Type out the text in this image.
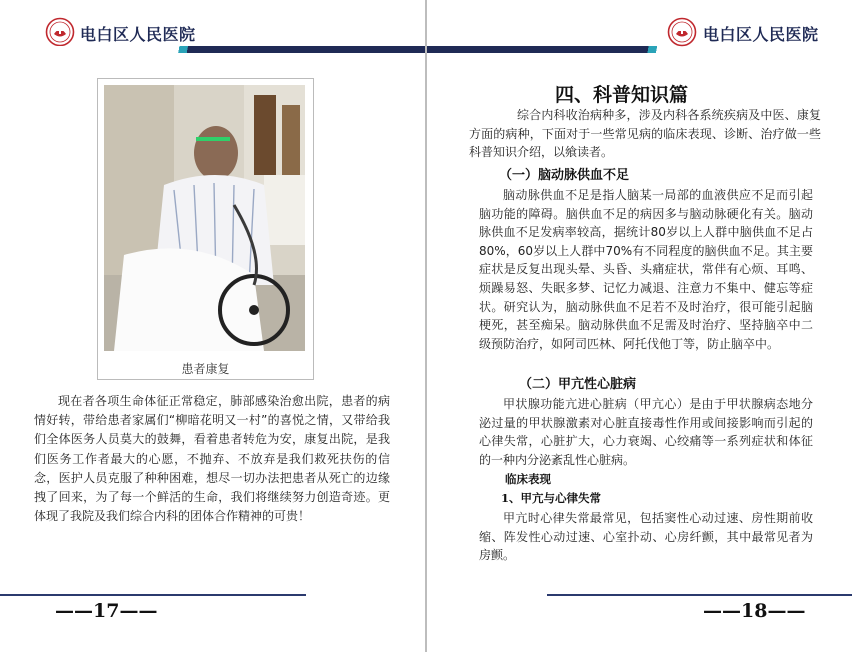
电白区人民医院
患者康复

现在者各项生命体征正常稳定，肺部感染治愈出院，患者的病情好转，带给患者家属们“柳暗花明又一村”的喜悦之情，又带给我们全体医务人员莫大的鼓舞，看着患者转危为安，康复出院，是我们医务工作者最大的心愿，不抛弃、不放弃是我们救死扶伤的信念，医护人员克服了种种困难，想尽一切办法把患者从死亡的边缘拽了回来，为了每一个鲜活的生命，我们将继续努力创造奇迹。更体现了我院及我们综合内科的团体合作精神的可贵！

——17——
电白区人民医院
四、科普知识篇

综合内科收治病种多，涉及内科各系统疾病及中医、康复方面的病种，下面对于一些常见病的临床表现、诊断、治疗做一些科普知识介绍，以飨读者。

（一）脑动脉供血不足

脑动脉供血不足是指人脑某一局部的血液供应不足而引起脑功能的障碍。脑供血不足的病因多与脑动脉硬化有关。脑动脉供血不足发病率较高，据统计80岁以上人群中脑供血不足占80%，60岁以上人群中70%有不同程度的脑供血不足。其主要症状是反复出现头晕、头昏、头痛症状，常伴有心烦、耳鸣、烦躁易怒、失眠多梦、记忆力减退、注意力不集中、健忘等症状。研究认为，脑动脉供血不足若不及时治疗，很可能引起脑梗死，甚至痴呆。脑动脉供血不足需及时治疗、坚持脑卒中二级预防治疗，如阿司匹林、阿托伐他丁等，防止脑卒中。

（二）甲亢性心脏病

甲状腺功能亢进心脏病（甲亢心）是由于甲状腺病态地分泌过量的甲状腺激素对心脏直接毒性作用或间接影响而引起的心律失常，心脏扩大，心力衰竭、心绞痛等一系列症状和体征的一种内分泌紊乱性心脏病。

临床表现
1、甲亢与心律失常

甲亢时心律失常最常见，包括窦性心动过速、房性期前收缩、阵发性心动过速、心室扑动、心房纤颤，其中最常见者为房颤。

——18——
